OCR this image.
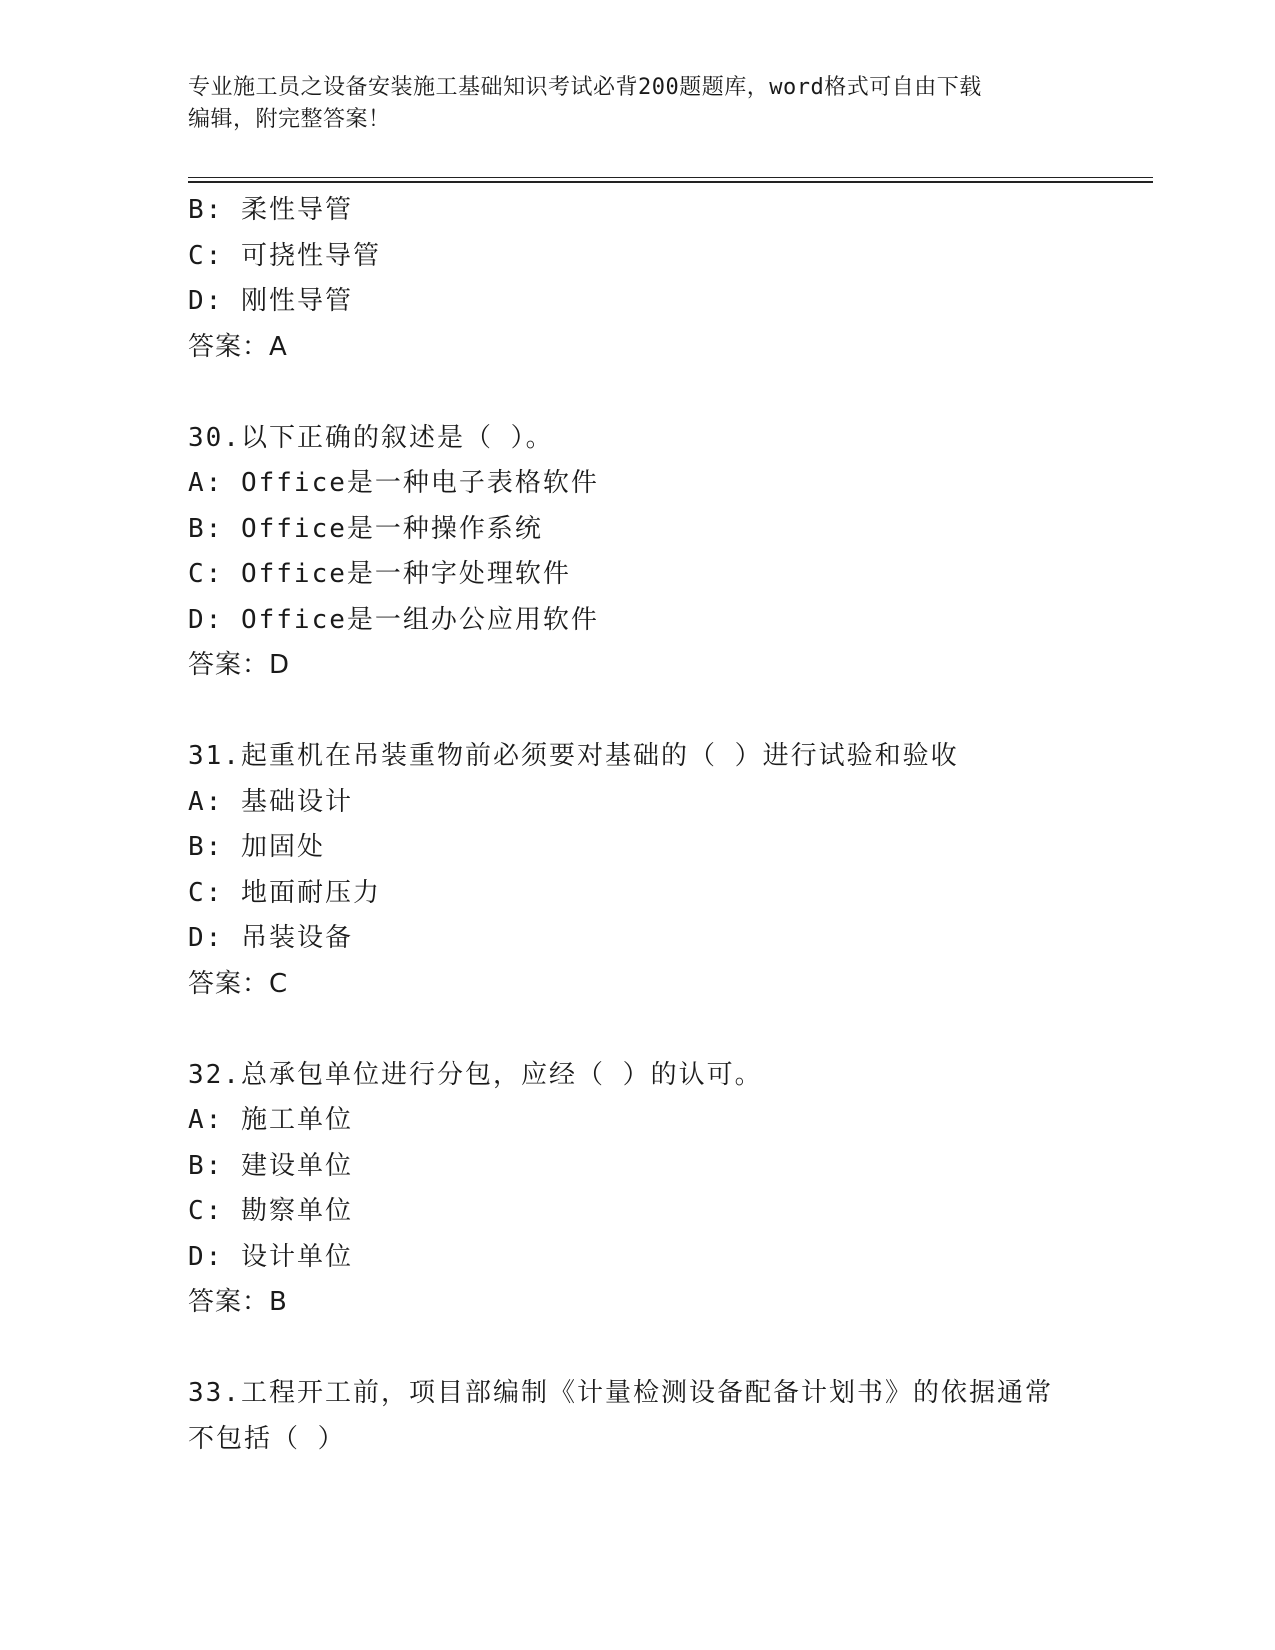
专业施工员之设备安装施工基础知识考试必背200题题库，word格式可自由下载
编辑，附完整答案！
B: 柔性导管
C: 可挠性导管
D: 刚性导管
答案：A
30.以下正确的叙述是（ ）。
A: Office是一种电子表格软件
B: Office是一种操作系统
C: Office是一种字处理软件
D: Office是一组办公应用软件
答案：D
31.起重机在吊装重物前必须要对基础的（ ）进行试验和验收
A: 基础设计
B: 加固处
C: 地面耐压力
D: 吊装设备
答案：C
32.总承包单位进行分包，应经（ ）的认可。
A: 施工单位
B: 建设单位
C: 勘察单位
D: 设计单位
答案：B
33.工程开工前，项目部编制《计量检测设备配备计划书》的依据通常不包括（ ）
